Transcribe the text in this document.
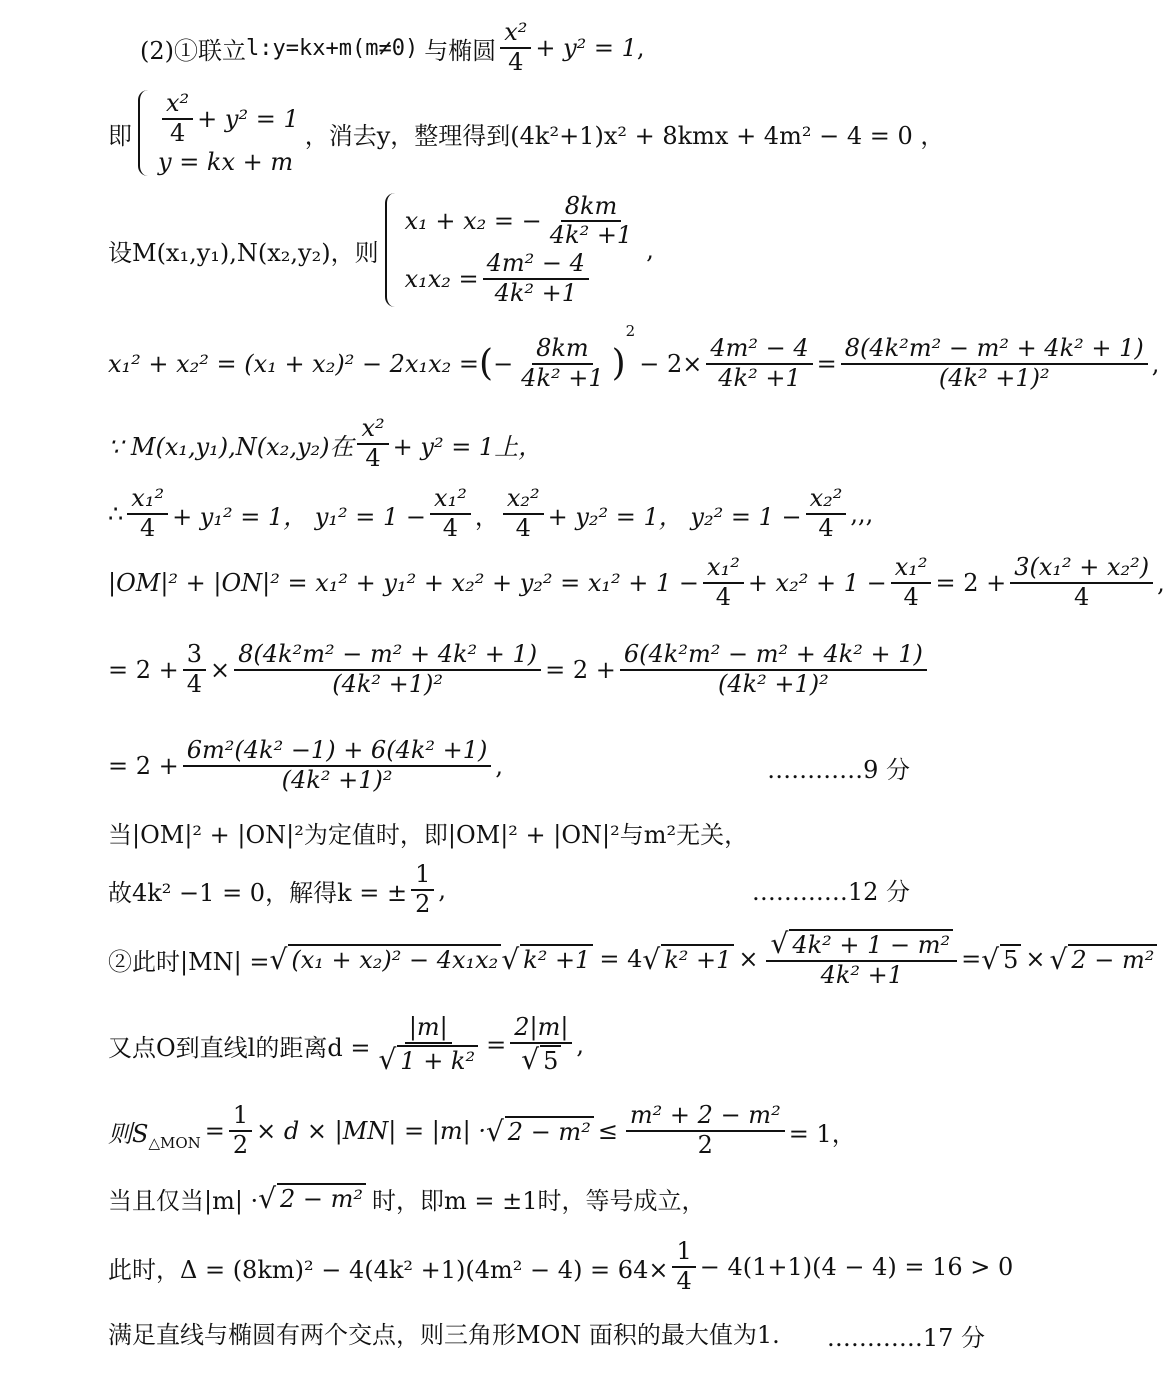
(2)①联立 l:y=kx+m(m≠0) 与椭圆 $\frac{\text{x²}}{4} + y^2 = 1$ ,
即 $\frac{\text{x²}}{4} + y^2 = 1$
y = kx + m
，消去y，整理得到(4k²+1)x² + 8kmx + 4m² − 4 = 0 ，
设M(x₁,y₁),N(x₂,y₂)，则
x₁ + x₂ = − $\frac{8km}{\text{4k² +1}}$
$x_1x_2 = \frac{\text{4m² − 4}}{\text{4k² +1}}$ ,
x₁² + x₂² = (x₁ + x₂)² − 2x₁x₂ = ( − $\frac{8km}{\text{4k² +1}}$ )
2
− $2\times \frac{\text{4m² − 4}}{\text{4k² +1}} = \frac{\text{8(4k²m² − m² + 4k² + 1)}}{\text{(4k² +1)²}}$ ,
∵ M(x₁,y₁),N(x₂,y₂)在 $\frac{\text{x²}}{4} + y^2 = 1$上，
∴ $\frac{\text{x₁²}}{4} + y_1^2 = 1$， $y_1^2 = 1 - \frac{\text{x₁²}}{4}$ ， $\frac{\text{x₂²}}{4} + y_2^2 = 1$， $y_2^2 = 1 - \frac{\text{x₂²}}{4}$ ,,,
$|OM|^2 + |ON|^2 = x_1^2 + y_1^2 + x_2^2 + y_2^2 = x_1^2 + 1 - \frac{\text{x₁²}}{4} + x_2^2 + 1 - \frac{\text{x₁²}}{4} = 2 + \frac{\text{3(x₁² + x₂²)}}{4}$ ,
= $2 + \frac{3}{4} \times \frac{\text{8(4k²m² − m² + 4k² + 1)}}{\text{(4k² +1)²}} = 2 + \frac{\text{6(4k²m² − m² + 4k² + 1)}}{\text{(4k² +1)²}}$
= $2 + \frac{\text{6m²(4k² −1) + 6(4k² +1)}}{\text{(4k² +1)²}}$ ,	…………9 分
当|OM|² + |ON|²为定值时，即|OM|² + |ON|²与m²无关，
故4k² −1 = 0，解得k = ± $\frac{1}{2}$ ,	…………12 分
②此时|MN| = √ (x₁ + x₂)² − 4x₁x₂ √ k² +1 = 4 √ $k^2 +1 \times \frac{\text{√ 4k² + 1 − m²}}{\text{4k² +1}}$ = √ 5 × √ 2 − m²
又点O到直线l的距离$d = \frac{|m|}{\text{√ 1 + k²}} = \frac{2|m|}{√ 5}$ ,
则$S_{\triangle MON} = \frac{1}{2} \times d \times |MN| = |m|$ · √ $2 - m^2 \le \frac{\text{m² + 2 − m²}}{2} = 1$，
当且仅当|m| · √ 2 − m² 时，即m = ±1时，等号成立，
此时，$\Delta = (8km)^2 - 4(4k^2 +1)(4m^2 - 4) = 64\times \frac{1}{4} - 4(1+1)(4 - 4) = 16 > 0$
满足直线与椭圆有两个交点，则三角形MON 面积的最大值为1. …………17 分
